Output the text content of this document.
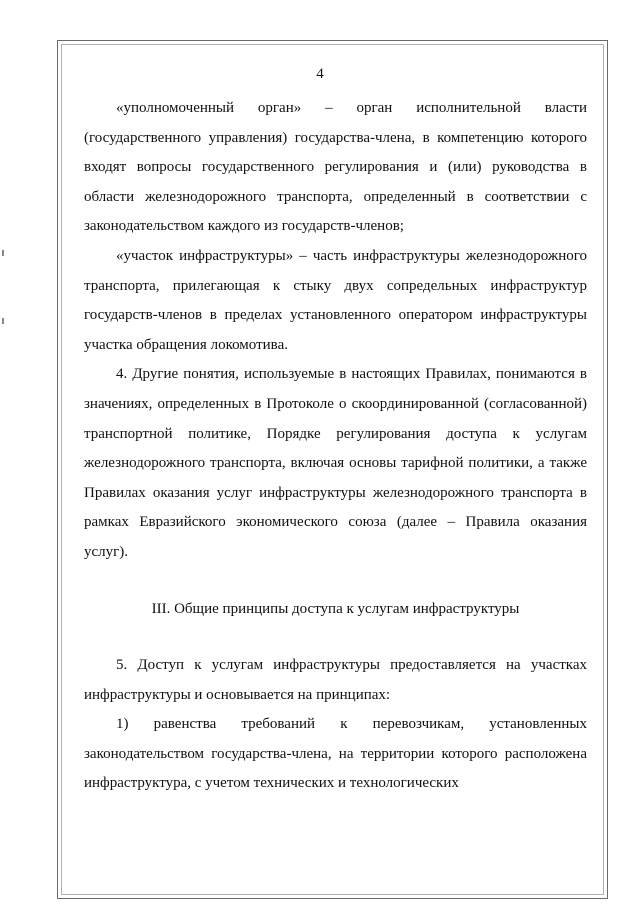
4

«уполномоченный орган» – орган исполнительной власти (государственного управления) государства-члена, в компетенцию которого входят вопросы государственного регулирования и (или) руководства в области железнодорожного транспорта, определенный в соответствии с законодательством каждого из государств-членов;

«участок инфраструктуры» – часть инфраструктуры железнодорожного транспорта, прилегающая к стыку двух сопредельных инфраструктур государств-членов в пределах установленного оператором инфраструктуры участка обращения локомотива.

4. Другие понятия, используемые в настоящих Правилах, понимаются в значениях, определенных в Протоколе о скоординированной (согласованной) транспортной политике, Порядке регулирования доступа к услугам железнодорожного транспорта, включая основы тарифной политики, а также Правилах оказания услуг инфраструктуры железнодорожного транспорта в рамках Евразийского экономического союза (далее – Правила оказания услуг).

III. Общие принципы доступа к услугам инфраструктуры

5. Доступ к услугам инфраструктуры предоставляется на участках инфраструктуры и основывается на принципах:

1) равенства требований к перевозчикам, установленных законодательством государства-члена, на территории которого расположена инфраструктура, с учетом технических и технологических
